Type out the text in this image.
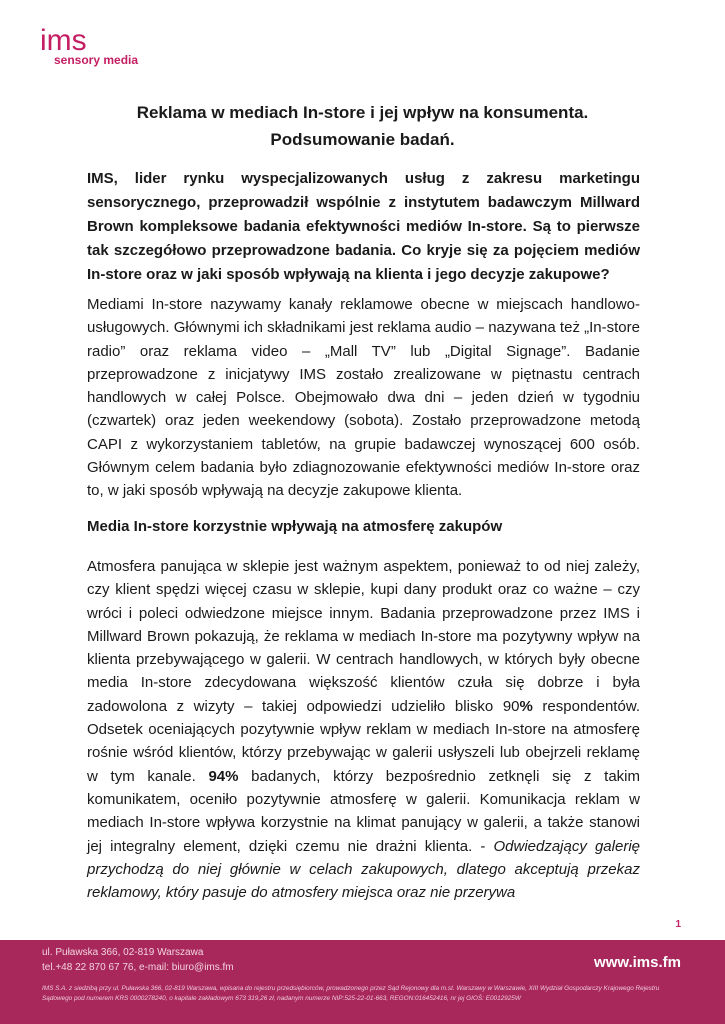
ims
sensory media
Reklama w mediach In-store i jej wpływ na konsumenta.
Podsumowanie badań.

IMS, lider rynku wyspecjalizowanych usług z zakresu marketingu sensorycznego, przeprowadził wspólnie z instytutem badawczym Millward Brown kompleksowe badania efektywności mediów In-store. Są to pierwsze tak szczegółowo przeprowadzone badania. Co kryje się za pojęciem mediów In-store oraz w jaki sposób wpływają na klienta i jego decyzje zakupowe?

Mediami In-store nazywamy kanały reklamowe obecne w miejscach handlowo-usługowych. Głównymi ich składnikami jest reklama audio – nazywana też „In-store radio” oraz reklama video – „Mall TV” lub „Digital Signage”. Badanie przeprowadzone z inicjatywy IMS zostało zrealizowane w piętnastu centrach handlowych w całej Polsce. Obejmowało dwa dni – jeden dzień w tygodniu (czwartek) oraz jeden weekendowy (sobota). Zostało przeprowadzone metodą CAPI z wykorzystaniem tabletów, na grupie badawczej wynoszącej 600 osób. Głównym celem badania było zdiagnozowanie efektywności mediów In-store oraz to, w jaki sposób wpływają na decyzje zakupowe klienta.

Media In-store korzystnie wpływają na atmosferę zakupów

Atmosfera panująca w sklepie jest ważnym aspektem, ponieważ to od niej zależy, czy klient spędzi więcej czasu w sklepie, kupi dany produkt oraz co ważne – czy wróci i poleci odwiedzone miejsce innym. Badania przeprowadzone przez IMS i Millward Brown pokazują, że reklama w mediach In-store ma pozytywny wpływ na klienta przebywającego w galerii. W centrach handlowych, w których były obecne media In-store zdecydowana większość klientów czuła się dobrze i była zadowolona z wizyty – takiej odpowiedzi udzieliło blisko 90% respondentów. Odsetek oceniających pozytywnie wpływ reklam w mediach In-store na atmosferę rośnie wśród klientów, którzy przebywając w galerii usłyszeli lub obejrzeli reklamę w tym kanale. 94% badanych, którzy bezpośrednio zetknęli się z takim komunikatem, oceniło pozytywnie atmosferę w galerii. Komunikacja reklam w mediach In-store wpływa korzystnie na klimat panujący w galerii, a także stanowi jej integralny element, dzięki czemu nie drażni klienta. - Odwiedzający galerię przychodzą do niej głównie w celach zakupowych, dlatego akceptują przekaz reklamowy, który pasuje do atmosfery miejsca oraz nie przerywa

1
ul. Puławska 366, 02-819 Warszawa
tel.+48 22 870 67 76, e-mail: biuro@ims.fm	www.ims.fm
IMS S.A. z siedzibą przy ul. Puławska 366, 02-819 Warszawa, wpisana do rejestru przedsiębiorców, prowadzonego przez Sąd Rejonowy dla m.st. Warszawy w Warszawie, XIII Wydział Gospodarczy Krajowego Rejestru Sądowego pod numerem KRS 0000278240, o kapitale zakładowym 673 319,26 zł, nadanym numerze NIP:525-22-01-663, REGON:016452416, nr jej GIOŚ: E0012925W
